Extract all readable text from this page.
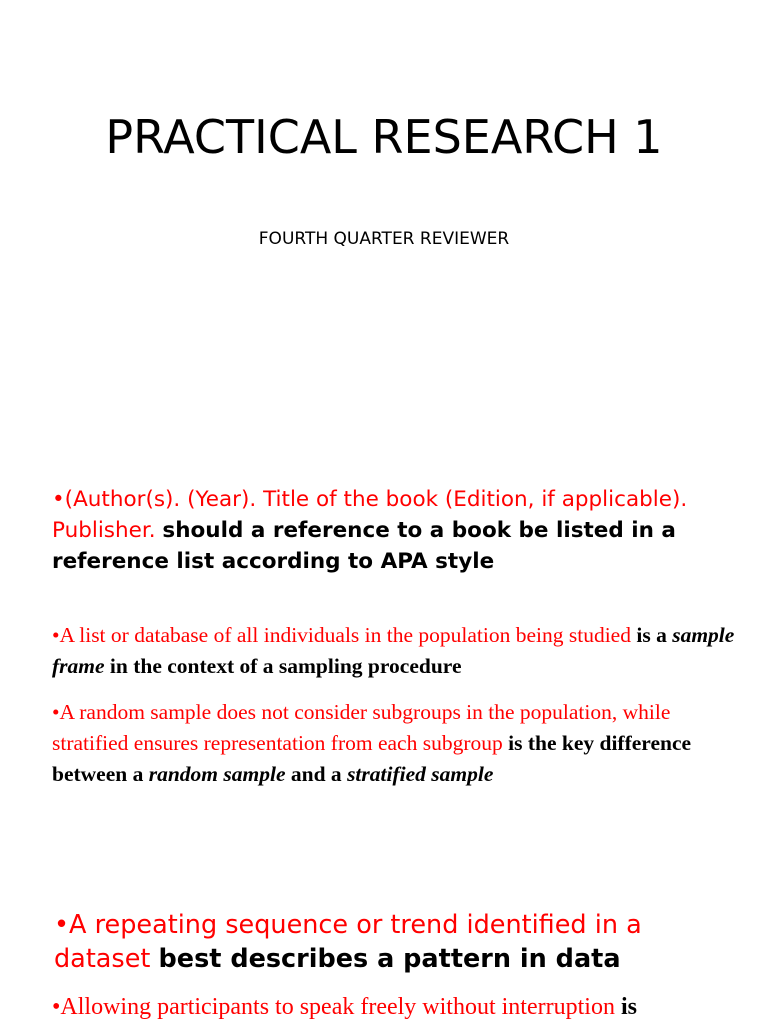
PRACTICAL RESEARCH 1
FOURTH QUARTER REVIEWER

•(Author(s). (Year). Title of the book (Edition, if applicable). Publisher. should a reference to a book be listed in a reference list according to APA style

•A list or database of all individuals in the population being studied is a sample frame in the context of a sampling procedure

•A random sample does not consider subgroups in the population, while stratified ensures representation from each subgroup is the key difference between a random sample and a stratified sample

•A repeating sequence or trend identified in a dataset best describes a pattern in data

•Allowing participants to speak freely without interruption is
